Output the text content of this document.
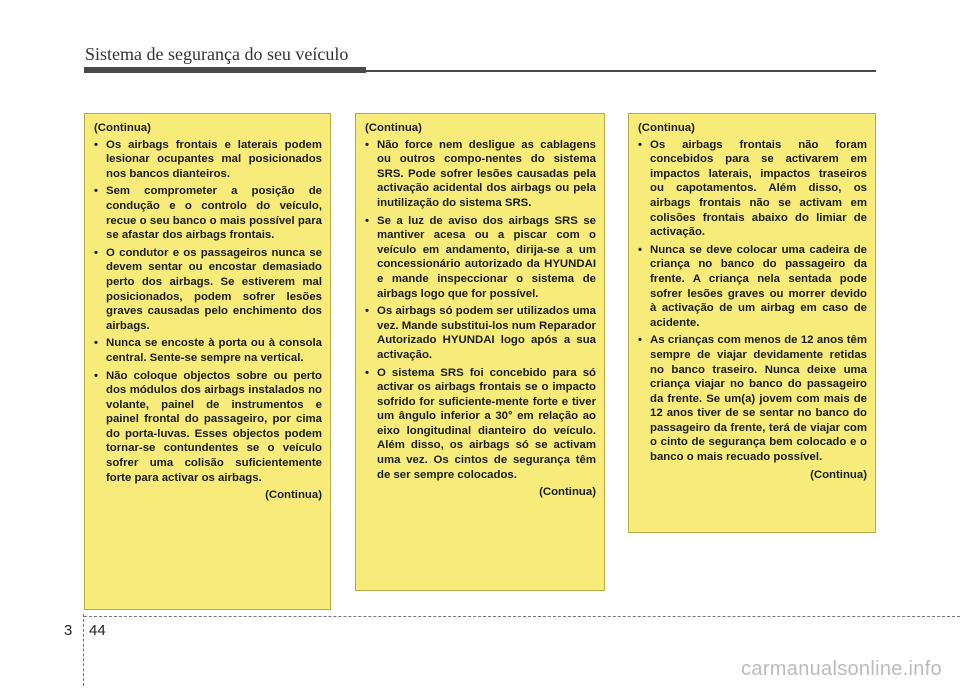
Sistema de segurança do seu veículo
(Continua)
• Os airbags frontais e laterais podem lesionar ocupantes mal posicionados nos bancos dianteiros.
• Sem comprometer a posição de condução e o controlo do veículo, recue o seu banco o mais possível para se afastar dos airbags frontais.
• O condutor e os passageiros nunca se devem sentar ou encostar demasiado perto dos airbags. Se estiverem mal posicionados, podem sofrer lesões graves causadas pelo enchimento dos airbags.
• Nunca se encoste à porta ou à consola central. Sente-se sempre na vertical.
• Não coloque objectos sobre ou perto dos módulos dos airbags instalados no volante, painel de instrumentos e painel frontal do passageiro, por cima do porta-luvas. Esses objectos podem tornar-se contundentes se o veículo sofrer uma colisão suficientemente forte para activar os airbags.
(Continua)
(Continua)
• Não force nem desligue as cablagens ou outros compo-nentes do sistema SRS. Pode sofrer lesões causadas pela activação acidental dos airbags ou pela inutilização do sistema SRS.
• Se a luz de aviso dos airbags SRS se mantiver acesa ou a piscar com o veículo em andamento, dirija-se a um concessionário autorizado da HYUNDAI e mande inspeccionar o sistema de airbags logo que for possível.
• Os airbags só podem ser utilizados uma vez. Mande substitui-los num Reparador Autorizado HYUNDAI logo após a sua activação.
• O sistema SRS foi concebido para só activar os airbags frontais se o impacto sofrido for suficiente-mente forte e tiver um ângulo inferior a 30° em relação ao eixo longitudinal dianteiro do veículo. Além disso, os airbags só se activam uma vez. Os cintos de segurança têm de ser sempre colocados.
(Continua)
(Continua)
• Os airbags frontais não foram concebidos para se activarem em impactos laterais, impactos traseiros ou capotamentos. Além disso, os airbags frontais não se activam em colisões frontais abaixo do limiar de activação.
• Nunca se deve colocar uma cadeira de criança no banco do passageiro da frente. A criança nela sentada pode sofrer lesões graves ou morrer devido à activação de um airbag em caso de acidente.
• As crianças com menos de 12 anos têm sempre de viajar devidamente retidas no banco traseiro. Nunca deixe uma criança viajar no banco do passageiro da frente. Se um(a) jovem com mais de 12 anos tiver de se sentar no banco do passageiro da frente, terá de viajar com o cinto de segurança bem colocado e o banco o mais recuado possível.
(Continua)
3 44
carmanualsonline.info
